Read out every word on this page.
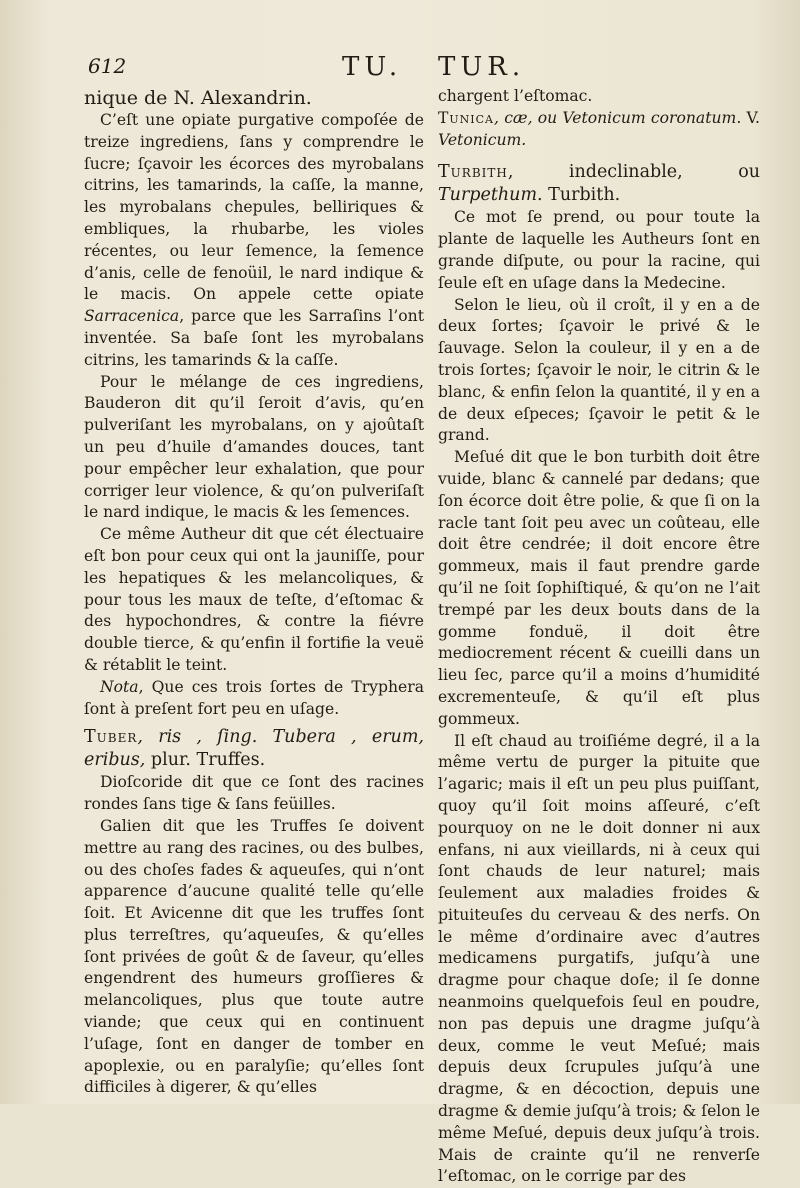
612	TU. TUR.

nique de N. Alexandrin.

C’eſt une opiate purgative compoſée de treize ingrediens, ſans y comprendre le ſucre; ſçavoir les écorces des myrobalans citrins, les tamarinds, la caſſe, la manne, les myrobalans chepules, belliriques & embliques, la rhubarbe, les violes récentes, ou leur ſemence, la ſemence d’anis, celle de fenoüil, le nard indique & le macis. On appele cette opiate Sarracenica, parce que les Sarraſins l’ont inventée. Sa baſe ſont les myrobalans citrins, les tamarinds & la caſſe.

Pour le mélange de ces ingrediens, Bauderon dit qu’il ſeroit d’avis, qu’en pulveriſant les myrobalans, on y ajoûtaſt un peu d’huile d’amandes douces, tant pour empêcher leur exhalation, que pour corriger leur violence, & qu’on pulveriſaſt le nard indique, le macis & les ſemences.

Ce même Autheur dit que cét électuaire eſt bon pour ceux qui ont la jauniſſe, pour les hepatiques & les melancoliques, & pour tous les maux de teſte, d’eſtomac & des hypochondres, & contre la fiévre double tierce, & qu’enfin il fortifie la veuë & rétablit le teint.

Nota, Que ces trois ſortes de Tryphera ſont à preſent fort peu en uſage.

Tuber, ris , ſing. Tubera , erum, eribus, plur. Truffes.

Dioſcoride dit que ce ſont des racines rondes ſans tige & ſans feüilles.

Galien dit que les Truffes ſe doivent mettre au rang des racines, ou des bulbes, ou des choſes fades & aqueuſes, qui n’ont apparence d’aucune qualité telle qu’elle ſoit. Et Avicenne dit que les truffes ſont plus terreſtres, qu’aqueuſes, & qu’elles ſont privées de goût & de ſaveur, qu’elles engendrent des humeurs groſſieres & melancoliques, plus que toute autre viande; que ceux qui en continuent l’uſage, ſont en danger de tomber en apoplexie, ou en paralyſie; qu’elles ſont difficiles à digerer, & qu’elles

chargent l’eſtomac.

Tunica, cæ, ou Vetonicum coronatum. V. Vetonicum.

Turbith, indeclinable, ou Turpethum. Turbith.

Ce mot ſe prend, ou pour toute la plante de laquelle les Autheurs ſont en grande diſpute, ou pour la racine, qui ſeule eſt en uſage dans la Medecine.

Selon le lieu, où il croît, il y en a de deux ſortes; ſçavoir le privé & le ſauvage. Selon la couleur, il y en a de trois ſortes; ſçavoir le noir, le citrin & le blanc, & enfin ſelon la quantité, il y en a de deux eſpeces; ſçavoir le petit & le grand.

Meſué dit que le bon turbith doit être vuide, blanc & cannelé par dedans; que ſon écorce doit être polie, & que ſi on la racle tant ſoit peu avec un coûteau, elle doit être cendrée; il doit encore être gommeux, mais il faut prendre garde qu’il ne ſoit ſophiſtiqué, & qu’on ne l’ait trempé par les deux bouts dans de la gomme fonduë, il doit être mediocrement récent & cueilli dans un lieu ſec, parce qu’il a moins d’humidité excrementeuſe, & qu’il eſt plus gommeux.

Il eſt chaud au troiſiéme degré, il a la même vertu de purger la pituite que l’agaric; mais il eſt un peu plus puiſſant, quoy qu’il ſoit moins aſſeuré, c’eſt pourquoy on ne le doit donner ni aux enfans, ni aux vieillards, ni à ceux qui ſont chauds de leur naturel; mais ſeulement aux maladies froides & pituiteuſes du cerveau & des nerfs. On le même d’ordinaire avec d’autres medicamens purgatifs, juſqu’à une dragme pour chaque doſe; il ſe donne neanmoins quelquefois ſeul en poudre, non pas depuis une dragme juſqu’à deux, comme le veut Meſué; mais depuis deux ſcrupules juſqu’à une dragme, & en décoction, depuis une dragme & demie juſqu’à trois; & ſelon le même Meſué, depuis deux juſqu’à trois. Mais de crainte qu’il ne renverſe l’eſtomac, on le corrige par des
